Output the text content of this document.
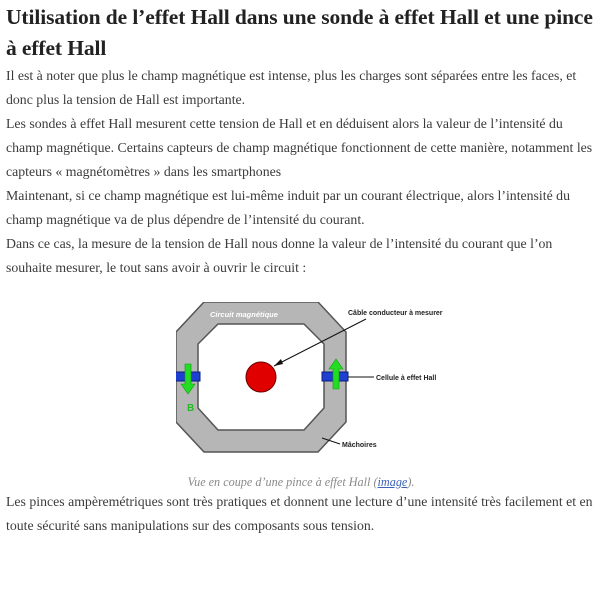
Utilisation de l’effet Hall dans une sonde à effet Hall et une pince à effet Hall

Il est à noter que plus le champ magnétique est intense, plus les charges sont séparées entre les faces, et donc plus la tension de Hall est importante.

Les sondes à effet Hall mesurent cette tension de Hall et en déduisent alors la valeur de l’intensité du champ magnétique. Certains capteurs de champ magnétique fonctionnent de cette manière, notamment les capteurs « magnétomètres » dans les smartphones

Maintenant, si ce champ magnétique est lui-même induit par un courant électrique, alors l’intensité du champ magnétique va de plus dépendre de l’intensité du courant.

Dans ce cas, la mesure de la tension de Hall nous donne la valeur de l’intensité du courant que l’on souhaite mesurer, le tout sans avoir à ouvrir le circuit :

B
Circuit magnétique	Câble conducteur à mesurer
Cellule à effet Hall
Mâchoires
Vue en coupe d’une pince à effet Hall (image).

Les pinces ampèremétriques sont très pratiques et donnent une lecture d’une intensité très facilement et en toute sécurité sans manipulations sur des composants sous tension.
